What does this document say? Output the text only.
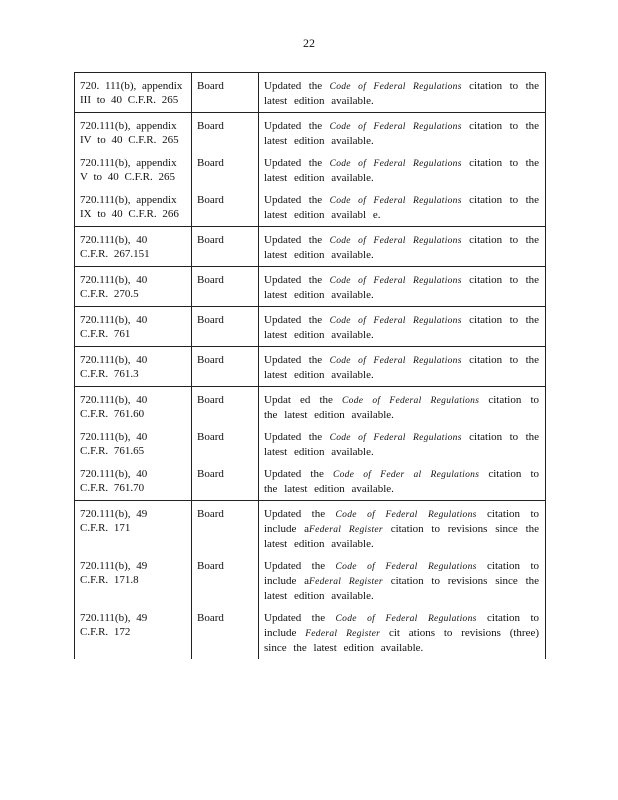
22
720. 111(b), appendix
III to 40 C.F.R. 265	Board	Updated the Code of Federal Regulations citation to the latest edition available.

720.111(b), appendix
IV to 40 C.F.R. 265	Board	Updated the Code of Federal Regulations citation to the latest edition available.

720.111(b), appendix
V to 40 C.F.R. 265	Board	Updated the Code of Federal Regulations citation to the latest edition available.

720.111(b), appendix
IX to 40 C.F.R. 266	Board	Updated the Code of Federal Regulations citation to the latest edition availabl e.

720.111(b), 40
C.F.R. 267.151	Board	Updated the Code of Federal Regulations citation to the latest edition available.

720.111(b), 40
C.F.R. 270.5	Board	Updated the Code of Federal Regulations citation to the latest edition available.

720.111(b), 40
C.F.R. 761	Board	Updated the Code of Federal Regulations citation to the latest edition available.

720.111(b), 40
C.F.R. 761.3	Board	Updated the Code of Federal Regulations citation to the latest edition available.

720.111(b), 40
C.F.R. 761.60	Board	Updat ed the Code of Federal Regulations citation to the latest edition available.

720.111(b), 40
C.F.R. 761.65	Board	Updated the Code of Federal Regulations citation to the latest edition available.

720.111(b), 40
C.F.R. 761.70	Board	Updated the Code of Feder al Regulations citation to the latest edition available.

720.111(b), 49
C.F.R. 171	Board	Updated the Code of Federal Regulations citation to include aFederal Register citation to revisions since the latest edition available.

720.111(b), 49
C.F.R. 171.8	Board	Updated the Code of Federal Regulations citation to include aFederal Register citation to revisions since the latest edition available.

720.111(b), 49
C.F.R. 172	Board	Updated the Code of Federal Regulations citation to include Federal Register cit ations to revisions (three) since the latest edition available.
